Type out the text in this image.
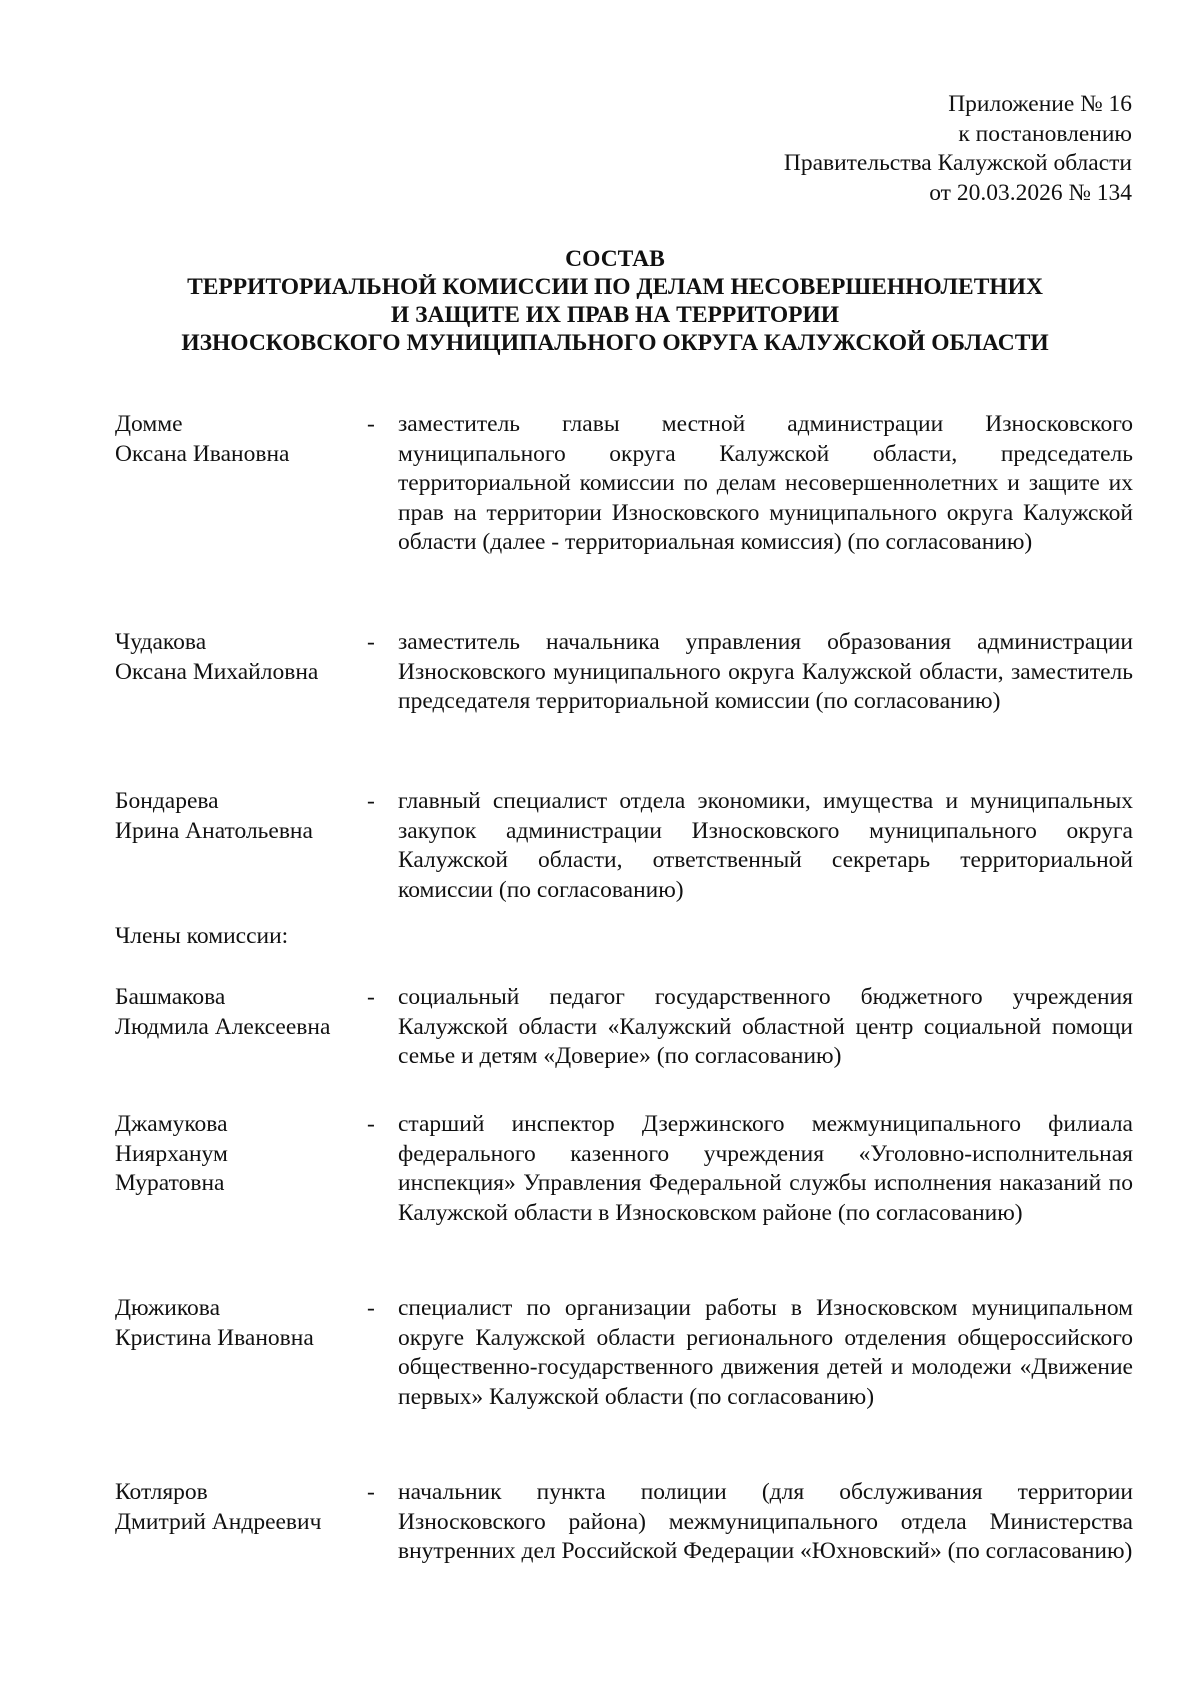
Приложение № 16
к постановлению
Правительства Калужской области
от 20.03.2026 № 134
СОСТАВ
ТЕРРИТОРИАЛЬНОЙ КОМИССИИ ПО ДЕЛАМ НЕСОВЕРШЕННОЛЕТНИХ
И ЗАЩИТЕ ИХ ПРАВ НА ТЕРРИТОРИИ
ИЗНОСКОВСКОГО МУНИЦИПАЛЬНОГО ОКРУГА КАЛУЖСКОЙ ОБЛАСТИ
Домме
Оксана Ивановна
- заместитель главы местной администрации Износковского муниципального округа Калужской области, председатель территориальной комиссии по делам несовершеннолетних и защите их прав на территории Износковского муниципального округа Калужской области (далее - территориальная комиссия) (по согласованию)
Чудакова
Оксана Михайловна
- заместитель начальника управления образования администрации Износковского муниципального округа Калужской области, заместитель председателя территориальной комиссии (по согласованию)
Бондарева
Ирина Анатольевна
- главный специалист отдела экономики, имущества и муниципальных закупок администрации Износковского муниципального округа Калужской области, ответственный секретарь территориальной комиссии (по согласованию)
Члены комиссии:
Башмакова
Людмила Алексеевна
- социальный педагог государственного бюджетного учреждения Калужской области «Калужский областной центр социальной помощи семье и детям «Доверие» (по согласованию)
Джамукова
Ниярханум
Муратовна
- старший инспектор Дзержинского межмуниципального филиала федерального казенного учреждения «Уголовно-исполнительная инспекция» Управления Федеральной службы исполнения наказаний по Калужской области в Износковском районе (по согласованию)
Дюжикова
Кристина Ивановна
- специалист по организации работы в Износковском муниципальном округе Калужской области регионального отделения общероссийского общественно-государственного движения детей и молодежи «Движение первых» Калужской области (по согласованию)
Котляров
Дмитрий Андреевич
- начальник пункта полиции (для обслуживания территории Износковского района) межмуниципального отдела Министерства внутренних дел Российской Федерации «Юхновский» (по согласованию)
